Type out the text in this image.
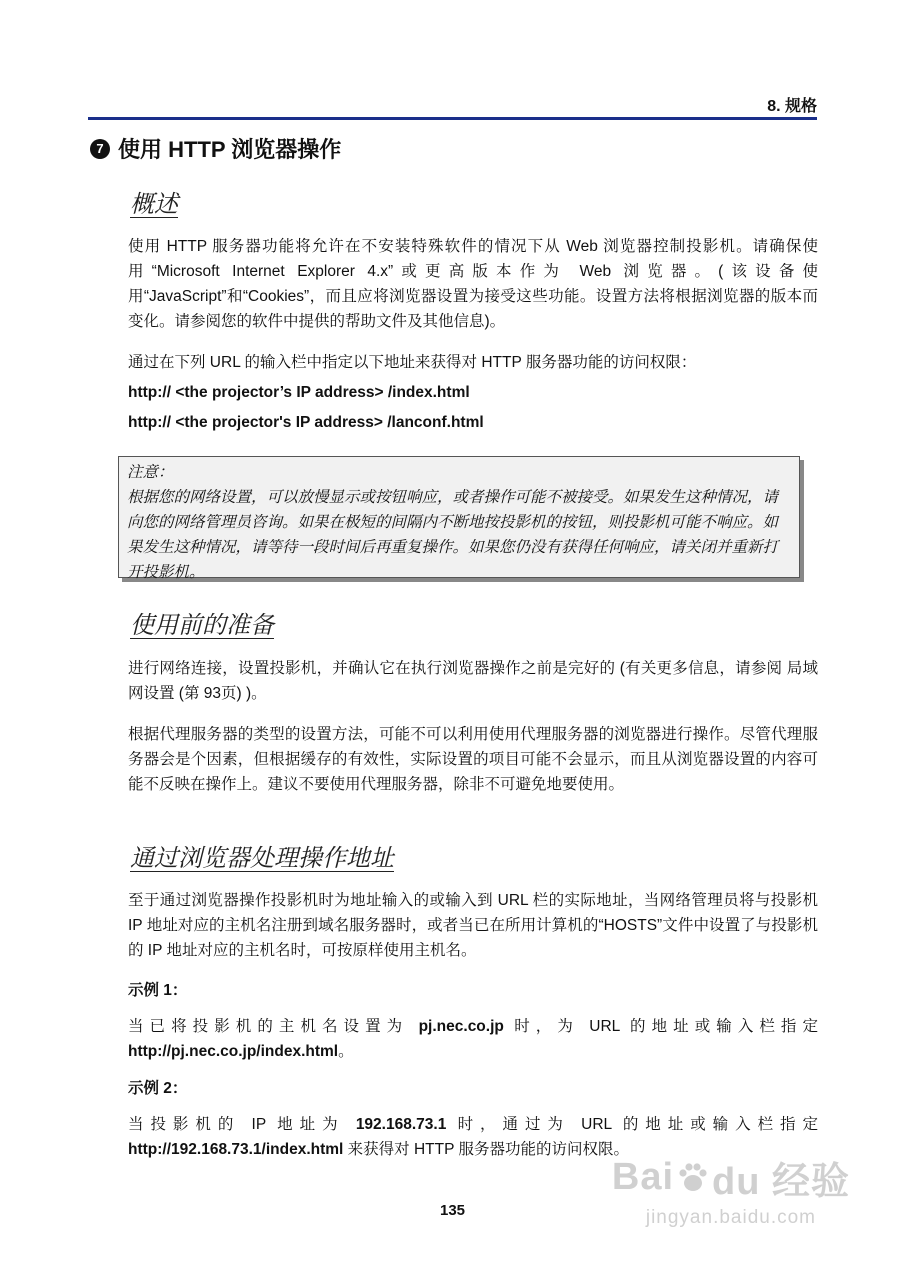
8. 规格
7 使用 HTTP 浏览器操作
概述
使用 HTTP 服务器功能将允许在不安装特殊软件的情况下从 Web 浏览器控制投影机。请确保使用“Microsoft Internet Explorer 4.x”或更高版本作为 Web 浏览器。(该设备使用“JavaScript”和“Cookies”，而且应将浏览器设置为接受这些功能。设置方法将根据浏览器的版本而变化。请参阅您的软件中提供的帮助文件及其他信息)。
通过在下列 URL 的输入栏中指定以下地址来获得对 HTTP 服务器功能的访问权限：
http:// <the projector’s IP address> /index.html
http:// <the projector's IP address> /lanconf.html
注意：
根据您的网络设置，可以放慢显示或按钮响应，或者操作可能不被接受。如果发生这种情况，请向您的网络管理员咨询。如果在极短的间隔内不断地按投影机的按钮，则投影机可能不响应。如果发生这种情况，请等待一段时间后再重复操作。如果您仍没有获得任何响应，请关闭并重新打开投影机。
使用前的准备
进行网络连接，设置投影机，并确认它在执行浏览器操作之前是完好的 (有关更多信息，请参阅 局域网设置 (第 93页) )。
根据代理服务器的类型的设置方法，可能不可以利用使用代理服务器的浏览器进行操作。尽管代理服务器会是个因素，但根据缓存的有效性，实际设置的项目可能不会显示，而且从浏览器设置的内容可能不反映在操作上。建议不要使用代理服务器，除非不可避免地要使用。
通过浏览器处理操作地址
至于通过浏览器操作投影机时为地址输入的或输入到 URL 栏的实际地址，当网络管理员将与投影机 IP 地址对应的主机名注册到域名服务器时，或者当已在所用计算机的“HOSTS”文件中设置了与投影机的 IP 地址对应的主机名时，可按原样使用主机名。
示例 1：
当已将投影机的主机名设置为 pj.nec.co.jp 时，为 URL 的地址或输入栏指定 http://pj.nec.co.jp/index.html。
示例 2：
当投影机的 IP 地址为 192.168.73.1 时，通过为 URL 的地址或输入栏指定 http://192.168.73.1/index.html 来获得对 HTTP 服务器功能的访问权限。
135
Bai du 经验
jingyan.baidu.com
